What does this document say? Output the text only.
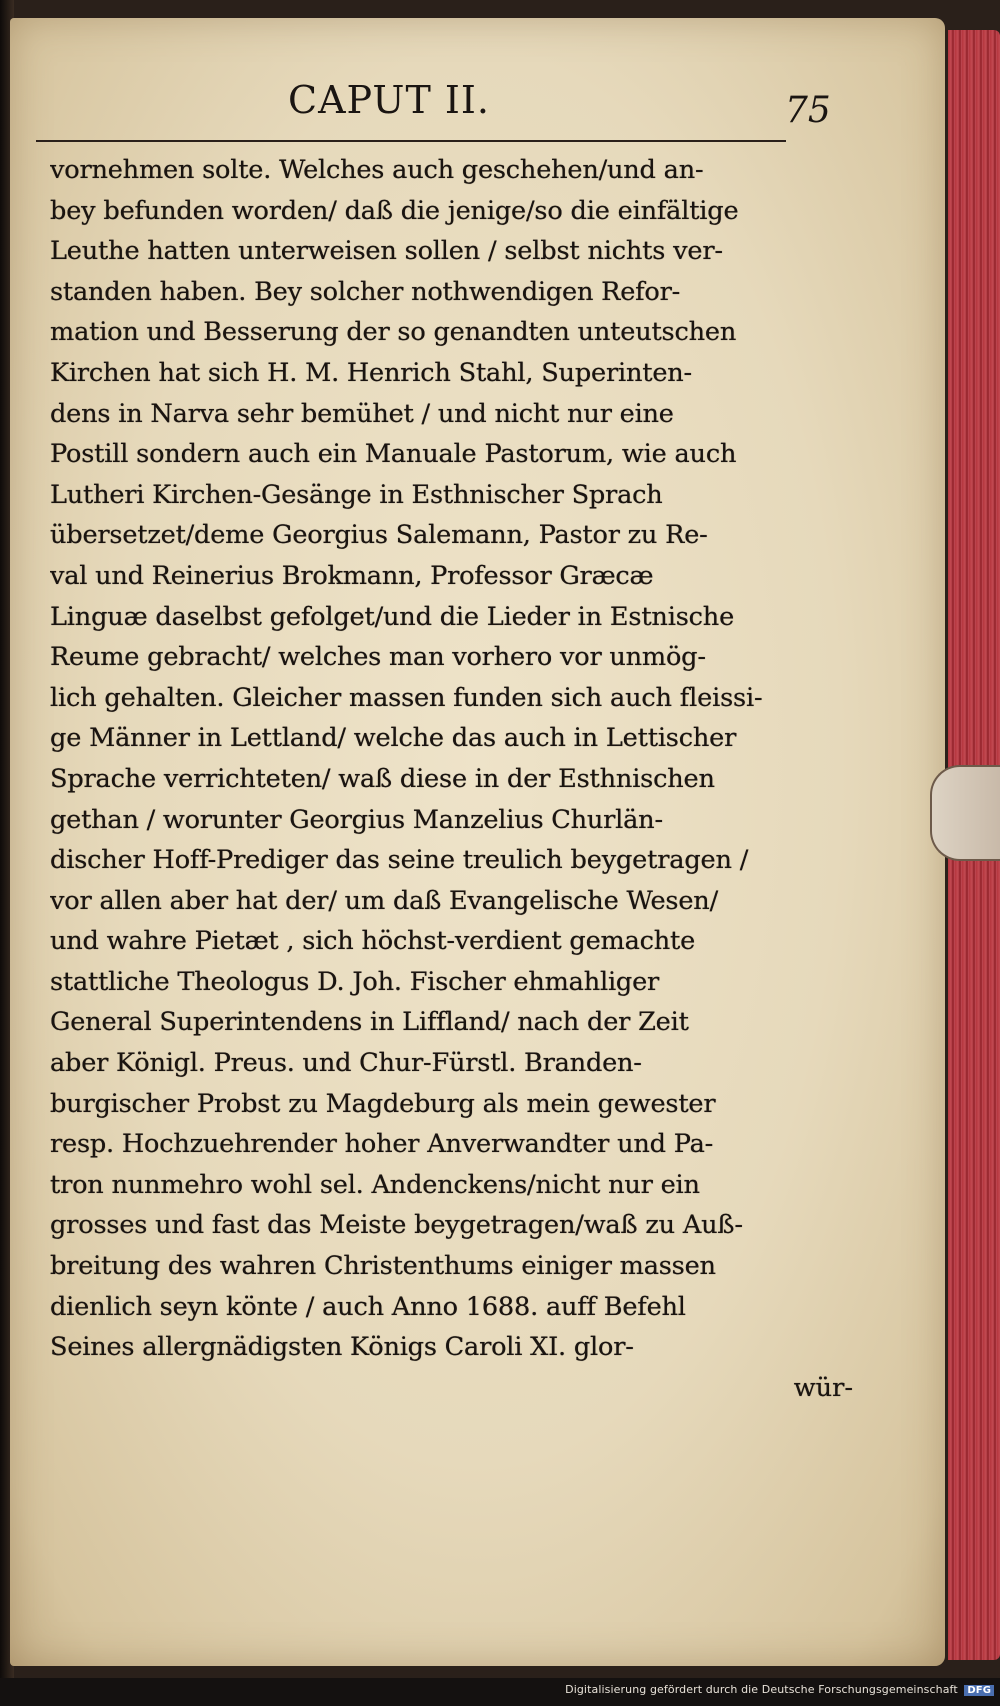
CAPUT II.	75
vornehmen solte. Welches auch geschehen/und an-
bey befunden worden/ daß die jenige/so die einfältige
Leuthe hatten unterweisen sollen / selbst nichts ver-
standen haben. Bey solcher nothwendigen Refor-
mation und Besserung der so genandten unteutschen
Kirchen hat sich H. M. Henrich Stahl, Superinten-
dens in Narva sehr bemühet / und nicht nur eine
Postill sondern auch ein Manuale Pastorum, wie auch
Lutheri Kirchen-Gesänge in Esthnischer Sprach
übersetzet/deme Georgius Salemann, Pastor zu Re-
val und Reinerius Brokmann, Professor Græcæ
Linguæ daselbst gefolget/und die Lieder in Estnische
Reume gebracht/ welches man vorhero vor unmög-
lich gehalten. Gleicher massen funden sich auch fleissi-
ge Männer in Lettland/ welche das auch in Lettischer
Sprache verrichteten/ waß diese in der Esthnischen
gethan / worunter Georgius Manzelius Churlän-
discher Hoff-Prediger das seine treulich beygetragen /
vor allen aber hat der/ um daß Evangelische Wesen/
und wahre Pietæt , sich höchst-verdient gemachte
stattliche Theologus D. Joh. Fischer ehmahliger
General Superintendens in Liffland/ nach der Zeit
aber Königl. Preus. und Chur-Fürstl. Branden-
burgischer Probst zu Magdeburg als mein gewester
resp. Hochzuehrender hoher Anverwandter und Pa-
tron nunmehro wohl sel. Andenckens/nicht nur ein
grosses und fast das Meiste beygetragen/waß zu Auß-
breitung des wahren Christenthums einiger massen
dienlich seyn könte / auch Anno 1688. auff Befehl
Seines allergnädigsten Königs Caroli XI. glor-
wür-
Digitalisierung gefördert durch die Deutsche Forschungsgemeinschaft DFG
